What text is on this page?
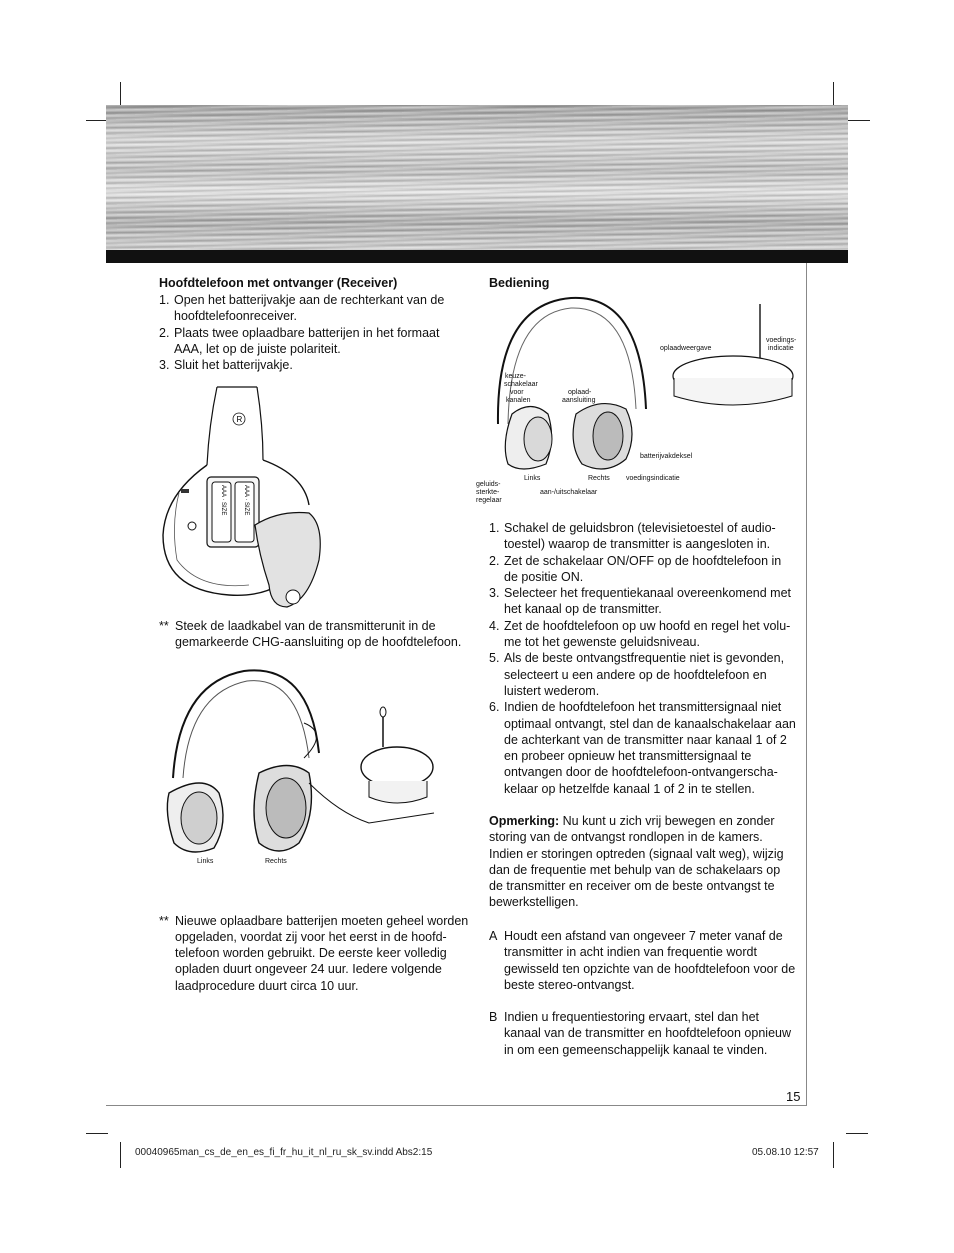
Hoofdtelefoon met ontvanger (Receiver)
1. Open het batterijvakje aan de rechterkant van de hoofdtelefoonreceiver.
2. Plaats twee oplaadbare batterijen in het formaat AAA, let op de juiste polariteit.
3. Sluit het batterijvakje.
R
AAA · SIZE	AAA · SIZE
** Steek de laadkabel van de transmitterunit in de gemarkeerde CHG-aansluiting op de hoofdtelefoon.
Links	Rechts
** Nieuwe oplaadbare batterijen moeten geheel worden opgeladen, voordat zij voor het eerst in de hoofd-telefoon worden gebruikt. De eerste keer volledig opladen duurt ongeveer 24 uur. Iedere volgende laadprocedure duurt circa 10 uur.
Bediening
oplaadweergave
voedings-
indicatie
keuze-
schakelaar
voor
kanalen
oplaad-
aansluiting
batterijvakdeksel
Links	Rechts voedingsindicatie
geluids-
sterkte-
regelaar
aan-/uitschakelaar
1. Schakel de geluidsbron (televisietoestel of audio-toestel) waarop de transmitter is aangesloten in.
2. Zet de schakelaar ON/OFF op de hoofdtelefoon in de positie ON.
3. Selecteer het frequentiekanaal overeenkomend met het kanaal op de transmitter.
4. Zet de hoofdtelefoon op uw hoofd en regel het volu-me tot het gewenste geluidsniveau.
5. Als de beste ontvangstfrequentie niet is gevonden, selecteert u een andere op de hoofdtelefoon en luistert wederom.
6. Indien de hoofdtelefoon het transmittersignaal niet optimaal ontvangt, stel dan de kanaalschakelaar aan de achterkant van de transmitter naar kanaal 1 of 2 en probeer opnieuw het transmittersignaal te ontvangen door de hoofdtelefoon-ontvangerscha-kelaar op hetzelfde kanaal 1 of 2 in te stellen.
Opmerking: Nu kunt u zich vrij bewegen en zonder storing van de ontvangst rondlopen in de kamers. Indien er storingen optreden (signaal valt weg), wijzig dan de frequentie met behulp van de schakelaars op de transmitter en receiver om de beste ontvangst te bewerkstelligen.
A Houdt een afstand van ongeveer 7 meter vanaf de transmitter in acht indien van frequentie wordt gewisseld ten opzichte van de hoofdtelefoon voor de beste stereo-ontvangst.
B Indien u frequentiestoring ervaart, stel dan het kanaal van de transmitter en hoofdtelefoon opnieuw in om een gemeenschappelijk kanaal te vinden.
15
00040965man_cs_de_en_es_fi_fr_hu_it_nl_ru_sk_sv.indd Abs2:15	05.08.10 12:57
